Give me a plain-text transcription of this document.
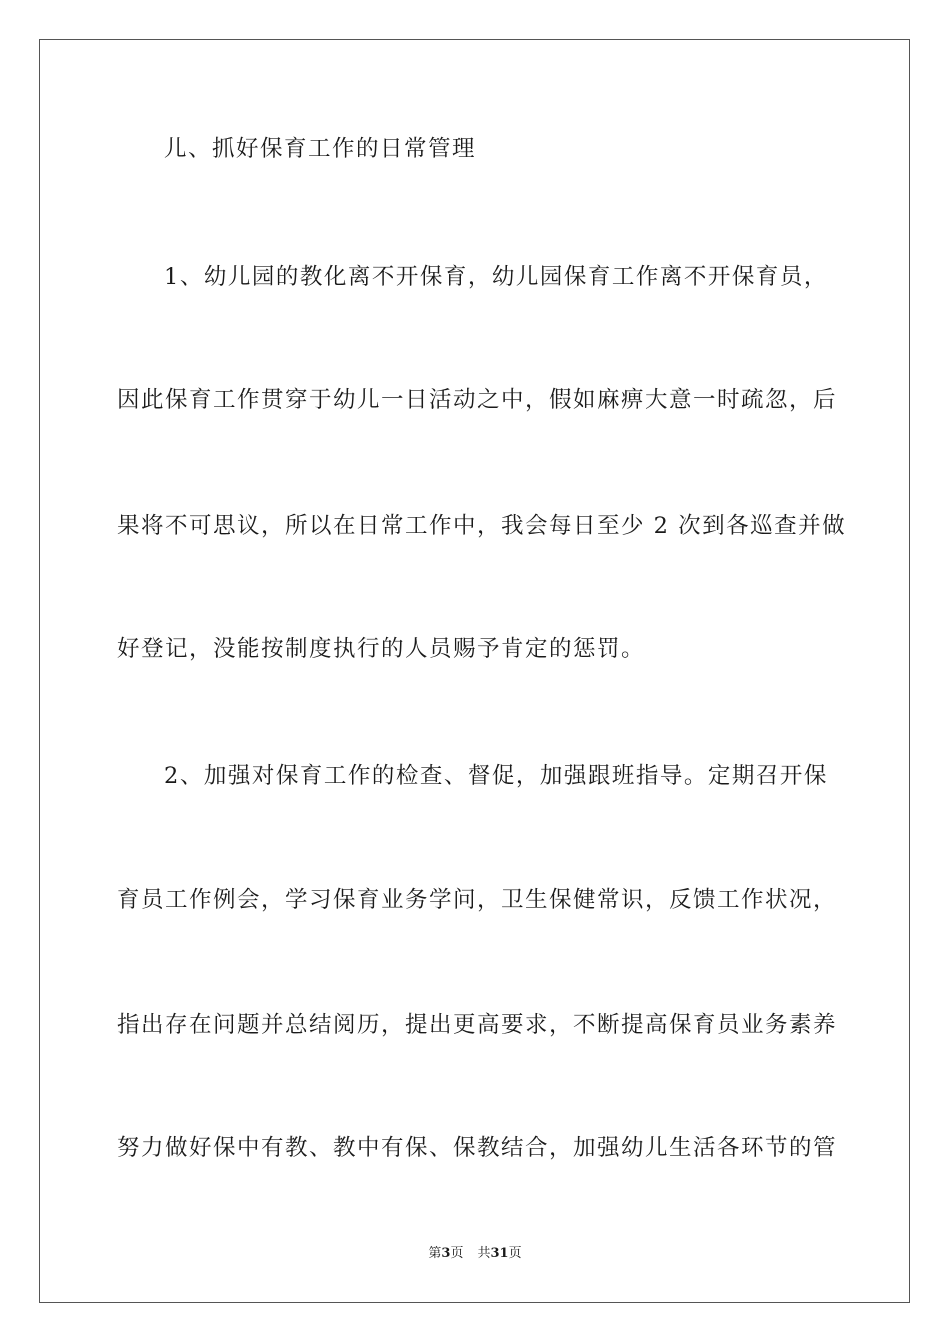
儿、抓好保育工作的日常管理
1、幼儿园的教化离不开保育，幼儿园保育工作离不开保育员，
因此保育工作贯穿于幼儿一日活动之中，假如麻痹大意一时疏忽，后
果将不可思议，所以在日常工作中，我会每日至少 2 次到各巡查并做
好登记，没能按制度执行的人员赐予肯定的惩罚。
2、加强对保育工作的检查、督促，加强跟班指导。定期召开保
育员工作例会，学习保育业务学问，卫生保健常识，反馈工作状况，
指出存在问题并总结阅历，提出更高要求，不断提高保育员业务素养
努力做好保中有教、教中有保、保教结合，加强幼儿生活各环节的管
第3页 共31页
